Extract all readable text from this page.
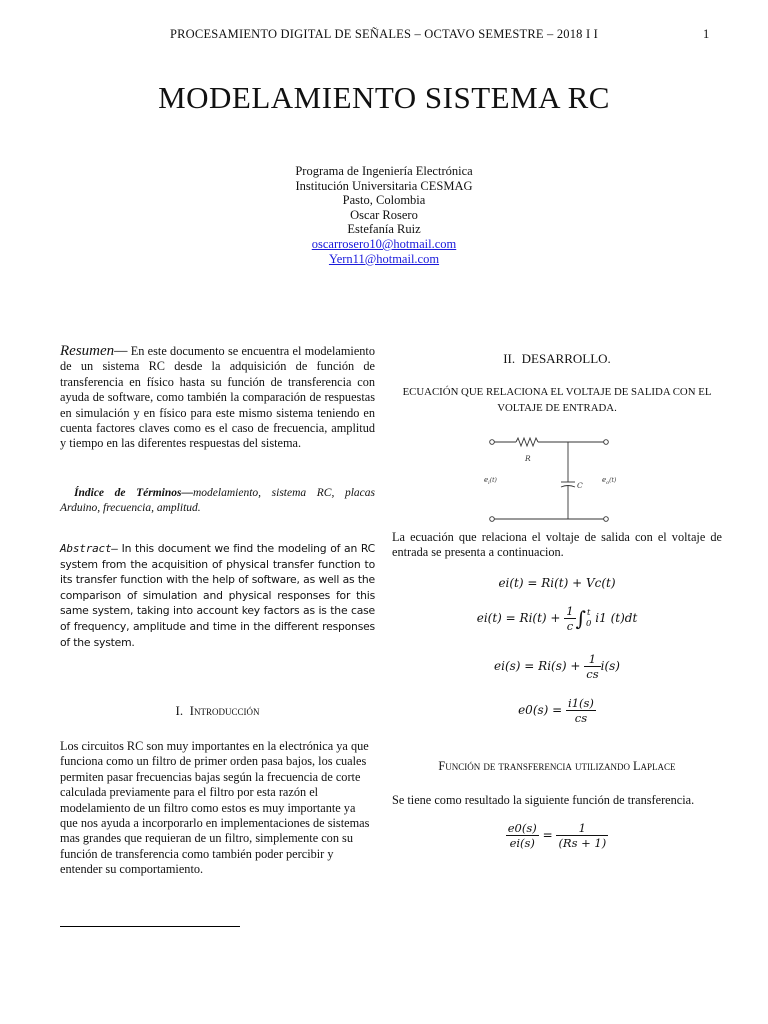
PROCESAMIENTO DIGITAL DE SEÑALES – OCTAVO SEMESTRE – 2018 I I	1
MODELAMIENTO SISTEMA RC
Programa de Ingeniería Electrónica
Institución Universitaria CESMAG
Pasto, Colombia
Oscar Rosero
Estefanía Ruiz
oscarrosero10@hotmail.com
Yern11@hotmail.com
Resumen— En este documento se encuentra el modelamiento de un sistema RC desde la adquisición de función de transferencia en físico hasta su función de transferencia con ayuda de software, como también la comparación de respuestas en simulación y en físico para este mismo sistema teniendo en cuenta factores claves como es el caso de frecuencia, amplitud y tiempo en las diferentes respuestas del sistema.
Índice de Términos—modelamiento, sistema RC, placas Arduino, frecuencia, amplitud.
Abstract– In this document we find the modeling of an RC system from the acquisition of physical transfer function to its transfer function with the help of software, as well as the comparison of simulation and physical responses for this same system, taking into account key factors as is the case of frequency, amplitude and time in the different responses of the system.
I. Introducción
Los circuitos RC son muy importantes en la electrónica ya que funciona como un filtro de primer orden pasa bajos, los cuales permiten pasar frecuencias bajas según la frecuencia de corte calculada previamente para el filtro por esta razón el modelamiento de un filtro como estos es muy importante ya que nos ayuda a incorporarlo en implementaciones de sistemas mas grandes que requieran de un filtro, simplemente con su función de transferencia como también poder percibir y entender su comportamiento.
II. DESARROLLO.
ECUACIÓN QUE RELACIONA EL VOLTAJE DE SALIDA CON EL
VOLTAJE DE ENTRADA.
R
C
$e_i(t)$	$e_o(t)$
La ecuación que relaciona el voltaje de salida con el voltaje de entrada se presenta a continuacion.
ei(t) = Ri(t) + Vc(t)
$ei(t) = Ri(t) + \frac{1}{c}$ ∫ t
0 i1 (t)dt
$ei(s) = Ri(s) + \frac{1}{cs} i(s)$
$e0(s) = \frac{i1(s)}{cs}$
Función de transferencia utilizando Laplace
Se tiene como resultado la siguiente función de transferencia.
$\frac{e0(s)}{ei(s)} = \frac{1}{(Rs + 1)}$
